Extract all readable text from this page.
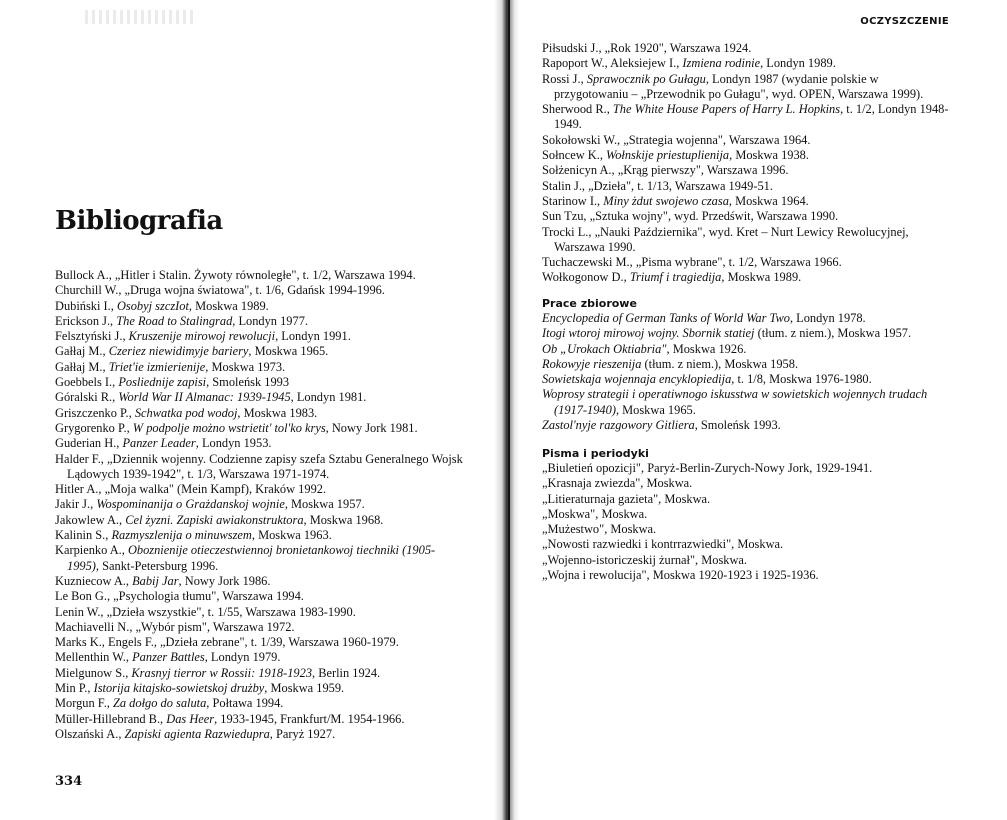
Bibliografia
Bullock A., „Hitler i Stalin. Żywoty równoległe", t. 1/2, Warszawa 1994.
Churchill W., „Druga wojna światowa", t. 1/6, Gdańsk 1994-1996.
Dubiński I., Osobyj szczIot, Moskwa 1989.
Erickson J., The Road to Stalingrad, Londyn 1977.
Felsztyński J., Kruszenije mirowoj rewolucji, Londyn 1991.
Gałłaj M., Czeriez niewidimyje bariery, Moskwa 1965.
Gałłaj M., Triet'ie izmierienije, Moskwa 1973.
Goebbels I., Posliednije zapisi, Smoleńsk 1993
Góralski R., World War II Almanac: 1939-1945, Londyn 1981.
Griszczenko P., Schwatka pod wodoj, Moskwa 1983.
Grygorenko P., W podpolje możno wstrietit' tol'ko krys, Nowy Jork 1981.
Guderian H., Panzer Leader, Londyn 1953.
Halder F., „Dziennik wojenny. Codzienne zapisy szefa Sztabu Generalnego Wojsk Lądowych 1939-1942", t. 1/3, Warszawa 1971-1974.
Hitler A., „Moja walka" (Mein Kampf), Kraków 1992.
Jakir J., Wospominanija o Grażdanskoj wojnie, Moskwa 1957.
Jakowlew A., Cel żyzni. Zapiski awiakonstruktora, Moskwa 1968.
Kalinin S., Razmyszlenija o minuwszem, Moskwa 1963.
Karpienko A., Oboznienije otieczestwiennoj bronietankowoj tiechniki (1905-1995), Sankt-Petersburg 1996.
Kuzniecow A., Babij Jar, Nowy Jork 1986.
Le Bon G., „Psychologia tłumu", Warszawa 1994.
Lenin W., „Dzieła wszystkie", t. 1/55, Warszawa 1983-1990.
Machiavelli N., „Wybór pism", Warszawa 1972.
Marks K., Engels F., „Dzieła zebrane", t. 1/39, Warszawa 1960-1979.
Mellenthin W., Panzer Battles, Londyn 1979.
Mielgunow S., Krasnyj tierror w Rossii: 1918-1923, Berlin 1924.
Min P., Istorija kitajsko-sowietskoj drużby, Moskwa 1959.
Morgun F., Za dołgo do saluta, Połtawa 1994.
Müller-Hillebrand B., Das Heer, 1933-1945, Frankfurt/M. 1954-1966.
Olszański A., Zapiski agienta Razwiedupra, Paryż 1927.
334
OCZYSZCZENIE
Piłsudski J., „Rok 1920", Warszawa 1924.
Rapoport W., Aleksiejew I., Izmiena rodinie, Londyn 1989.
Rossi J., Sprawocznik po Gułagu, Londyn 1987 (wydanie polskie w przygotowaniu – „Przewodnik po Gułagu", wyd. OPEN, Warszawa 1999).
Sherwood R., The White House Papers of Harry L. Hopkins, t. 1/2, Londyn 1948-1949.
Sokołowski W., „Strategia wojenna", Warszawa 1964.
Sołncew K., Wołnskije priestuplienija, Moskwa 1938.
Sołżenicyn A., „Krąg pierwszy", Warszawa 1996.
Stalin J., „Dzieła", t. 1/13, Warszawa 1949-51.
Starinow I., Miny żdut swojewo czasa, Moskwa 1964.
Sun Tzu, „Sztuka wojny", wyd. Przedświt, Warszawa 1990.
Trocki L., „Nauki Październikа", wyd. Kret – Nurt Lewicy Rewolucyjnej, Warszawa 1990.
Tuchaczewski M., „Pisma wybrane", t. 1/2, Warszawa 1966.
Wołkogonow D., Triumf i tragiedija, Moskwa 1989.
Prace zbiorowe
Encyclopedia of German Tanks of World War Two, Londyn 1978.
Itogi wtoroj mirowoj wojny. Sbornik statiej (tłum. z niem.), Moskwa 1957.
Ob „Urokach Oktiabria", Moskwa 1926.
Rokowyje rieszenija (tłum. z niem.), Moskwa 1958.
Sowietskaja wojennaja encyklopiedija, t. 1/8, Moskwa 1976-1980.
Woprosy strategii i operatiwnogo iskusstwa w sowietskich wojennych trudach (1917-1940), Moskwa 1965.
Zastol'nyje razgowory Gitliera, Smoleńsk 1993.
Pisma i periodyki
„Biuletień opozicji", Paryż-Berlin-Zurych-Nowy Jork, 1929-1941.
„Krasnaja zwiezda", Moskwa.
„Litieraturnaja gazieta", Moskwa.
„Moskwa", Moskwa.
„Mużestwo", Moskwa.
„Nowosti razwiedki i kontrrazwiedki", Moskwa.
„Wojenno-istoriczeskij żurnał", Moskwa.
„Wojna i rewolucija", Moskwa 1920-1923 i 1925-1936.
